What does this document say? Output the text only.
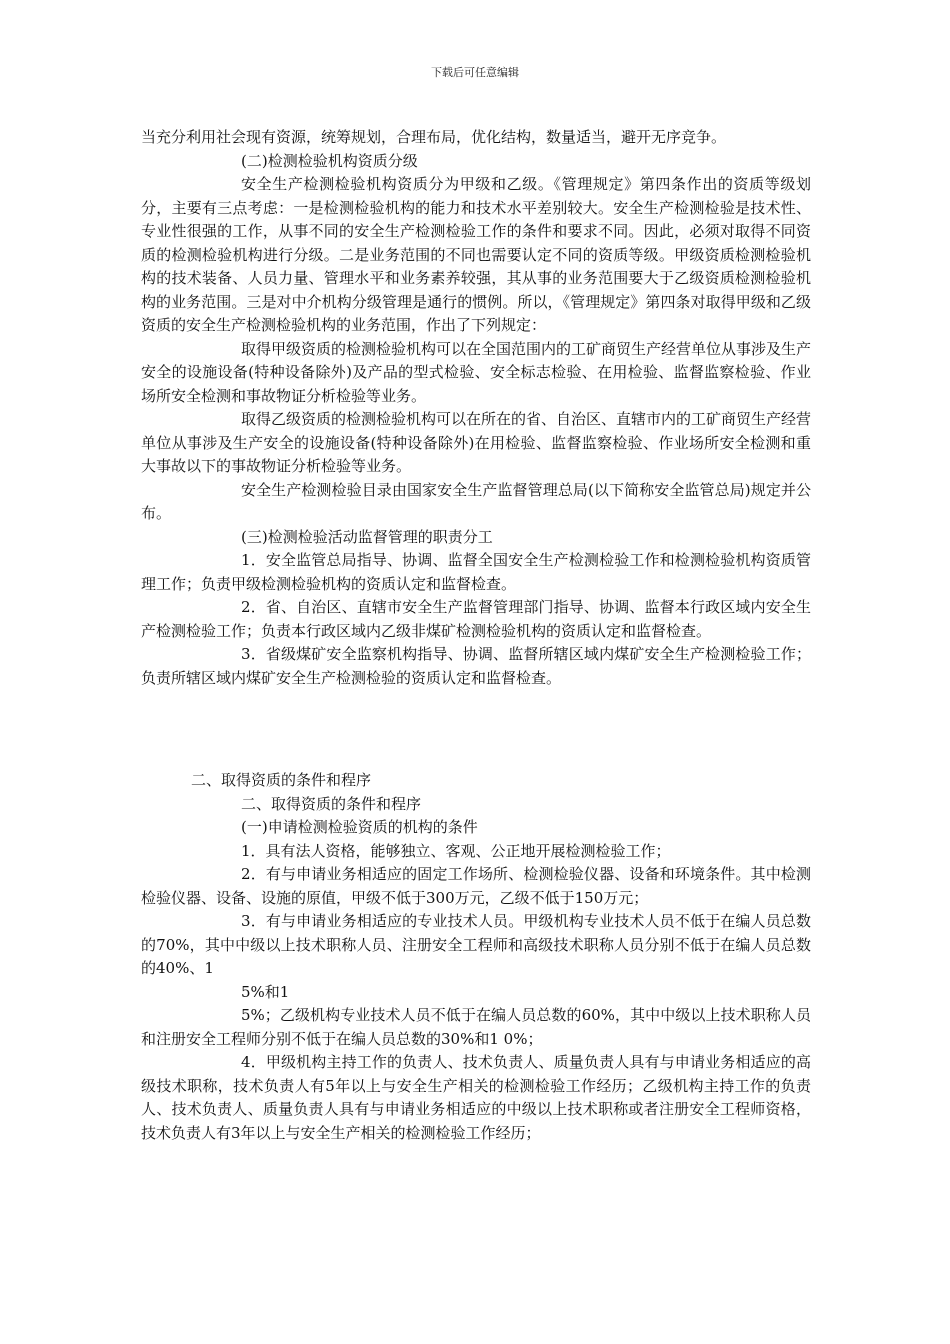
下载后可任意编辑

当充分利用社会现有资源，统筹规划，合理布局，优化结构，数量适当，避开无序竞争。

(二)检测检验机构资质分级

安全生产检测检验机构资质分为甲级和乙级。《管理规定》第四条作出的资质等级划分，主要有三点考虑：一是检测检验机构的能力和技术水平差别较大。安全生产检测检验是技术性、专业性很强的工作，从事不同的安全生产检测检验工作的条件和要求不同。因此，必须对取得不同资质的检测检验机构进行分级。二是业务范围的不同也需要认定不同的资质等级。甲级资质检测检验机构的技术装备、人员力量、管理水平和业务素养较强，其从事的业务范围要大于乙级资质检测检验机构的业务范围。三是对中介机构分级管理是通行的惯例。所以，《管理规定》第四条对取得甲级和乙级资质的安全生产检测检验机构的业务范围，作出了下列规定：

取得甲级资质的检测检验机构可以在全国范围内的工矿商贸生产经营单位从事涉及生产安全的设施设备(特种设备除外)及产品的型式检验、安全标志检验、在用检验、监督监察检验、作业场所安全检测和事故物证分析检验等业务。

取得乙级资质的检测检验机构可以在所在的省、自治区、直辖市内的工矿商贸生产经营单位从事涉及生产安全的设施设备(特种设备除外)在用检验、监督监察检验、作业场所安全检测和重大事故以下的事故物证分析检验等业务。

安全生产检测检验目录由国家安全生产监督管理总局(以下简称安全监管总局)规定并公布。

(三)检测检验活动监督管理的职责分工

1．安全监管总局指导、协调、监督全国安全生产检测检验工作和检测检验机构资质管理工作；负责甲级检测检验机构的资质认定和监督检查。

2．省、自治区、直辖市安全生产监督管理部门指导、协调、监督本行政区域内安全生产检测检验工作；负责本行政区域内乙级非煤矿检测检验机构的资质认定和监督检查。

3．省级煤矿安全监察机构指导、协调、监督所辖区域内煤矿安全生产检测检验工作；负责所辖区域内煤矿安全生产检测检验的资质认定和监督检查。

二、取得资质的条件和程序

二、取得资质的条件和程序

(一)申请检测检验资质的机构的条件

1．具有法人资格，能够独立、客观、公正地开展检测检验工作；

2．有与申请业务相适应的固定工作场所、检测检验仪器、设备和环境条件。其中检测检验仪器、设备、设施的原值，甲级不低于300万元，乙级不低于150万元；

3．有与申请业务相适应的专业技术人员。甲级机构专业技术人员不低于在编人员总数的70%，其中中级以上技术职称人员、注册安全工程师和高级技术职称人员分别不低于在编人员总数的40%、1

5%和1

5%；乙级机构专业技术人员不低于在编人员总数的60%，其中中级以上技术职称人员和注册安全工程师分别不低于在编人员总数的30%和1 0%；

4．甲级机构主持工作的负责人、技术负责人、质量负责人具有与申请业务相适应的高级技术职称，技术负责人有5年以上与安全生产相关的检测检验工作经历；乙级机构主持工作的负责人、技术负责人、质量负责人具有与申请业务相适应的中级以上技术职称或者注册安全工程师资格，技术负责人有3年以上与安全生产相关的检测检验工作经历；
